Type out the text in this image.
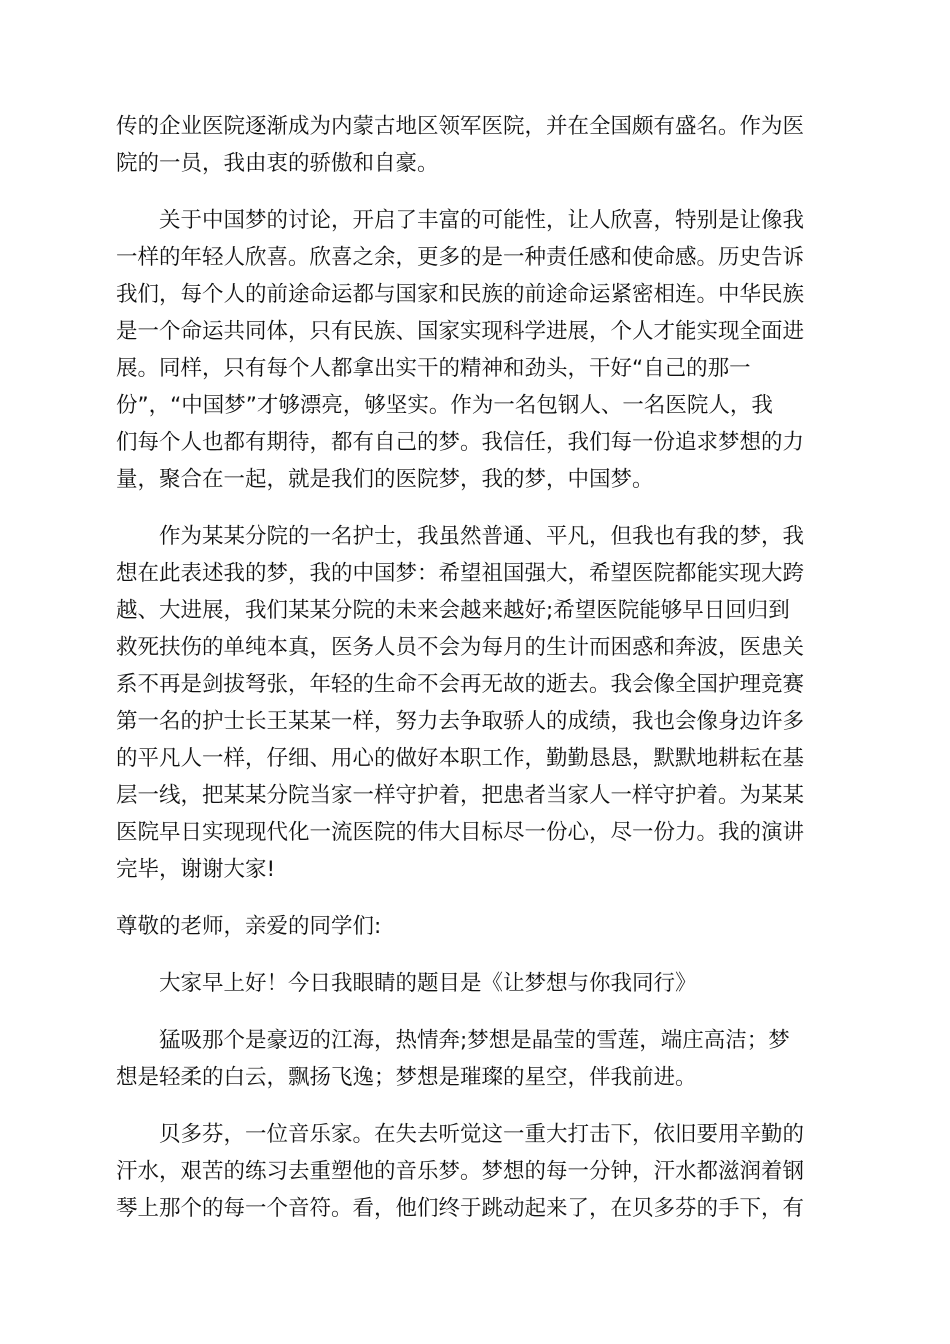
传的企业医院逐渐成为内蒙古地区领军医院，并在全国颇有盛名。作为医
院的一员，我由衷的骄傲和自豪。

关于中国梦的讨论，开启了丰富的可能性，让人欣喜，特别是让像我
一样的年轻人欣喜。欣喜之余，更多的是一种责任感和使命感。历史告诉
我们，每个人的前途命运都与国家和民族的前途命运紧密相连。中华民族
是一个命运共同体，只有民族、国家实现科学进展，个人才能实现全面进
展。同样，只有每个人都拿出实干的精神和劲头，干好“自己的那一
份”，“中国梦”才够漂亮，够坚实。作为一名包钢人、一名医院人，我
们每个人也都有期待，都有自己的梦。我信任，我们每一份追求梦想的力
量，聚合在一起，就是我们的医院梦，我的梦，中国梦。

作为某某分院的一名护士，我虽然普通、平凡，但我也有我的梦，我
想在此表述我的梦，我的中国梦：希望祖国强大，希望医院都能实现大跨
越、大进展，我们某某分院的未来会越来越好;希望医院能够早日回归到
救死扶伤的单纯本真，医务人员不会为每月的生计而困惑和奔波，医患关
系不再是剑拔弩张，年轻的生命不会再无故的逝去。我会像全国护理竞赛
第一名的护士长王某某一样，努力去争取骄人的成绩，我也会像身边许多
的平凡人一样，仔细、用心的做好本职工作，勤勤恳恳，默默地耕耘在基
层一线，把某某分院当家一样守护着，把患者当家人一样守护着。为某某
医院早日实现现代化一流医院的伟大目标尽一份心，尽一份力。我的演讲
完毕，谢谢大家!

尊敬的老师，亲爱的同学们:

大家早上好！今日我眼睛的题目是《让梦想与你我同行》

猛吸那个是豪迈的江海，热情奔;梦想是晶莹的雪莲，端庄高洁；梦
想是轻柔的白云，飘扬飞逸；梦想是璀璨的星空，伴我前进。

贝多芬，一位音乐家。在失去听觉这一重大打击下，依旧要用辛勤的
汗水，艰苦的练习去重塑他的音乐梦。梦想的每一分钟，汗水都滋润着钢
琴上那个的每一个音符。看，他们终于跳动起来了，在贝多芬的手下，有
